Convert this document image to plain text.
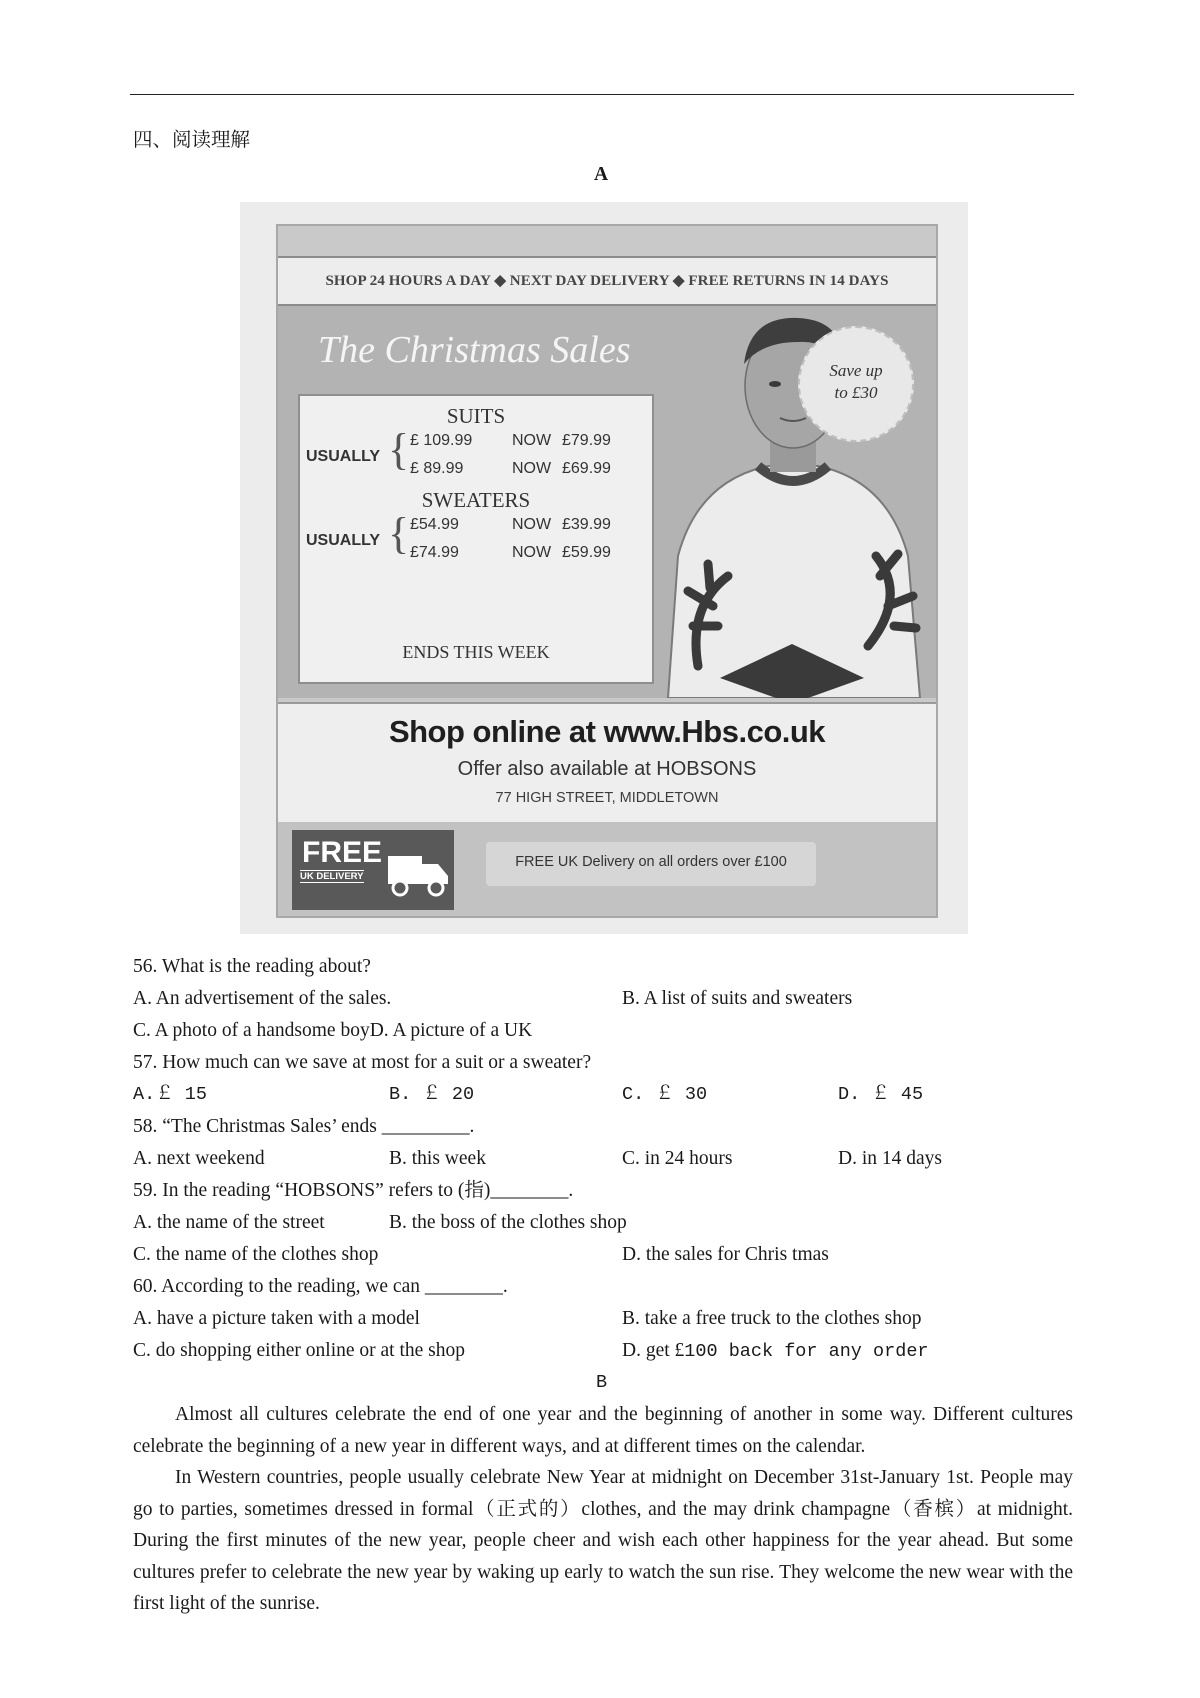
四、阅读理解
A
SHOP 24 HOURS A DAY ◆ NEXT DAY DELIVERY ◆ FREE RETURNS IN 14 DAYS
The Christmas Sales	Save up
to £30
SUITS
USUALLY { £ 109.99 NOW £79.99
£ 89.99	NOW £69.99
SWEATERS
USUALLY { £54.99	NOW £39.99
£74.99	NOW £59.99
ENDS THIS WEEK
Shop online at www.Hbs.co.uk
Offer also available at HOBSONS
77 HIGH STREET, MIDDLETOWN
FREE
UK DELIVERY
FREE UK Delivery on all orders over £100
56. What is the reading about?
A. An advertisement of the sales.	B. A list of suits and sweaters
C. A photo of a handsome boyD. A picture of a UK
57. How much can we save at most for a suit or a sweater?
A.￡ 15	B. ￡ 20	C. ￡ 30	D. ￡ 45
58. “The Christmas Sales’ ends _________.
A. next weekend	B. this week	C. in 24 hours	D. in 14 days
59. In the reading “HOBSONS” refers to (指)________.
A. the name of the street	B. the boss of the clothes shop
C. the name of the clothes shop	D. the sales for Chris tmas
60. According to the reading, we can ________.
A. have a picture taken with a model	B. take a free truck to the clothes shop
C. do shopping either online or at the shop	D. get £100 back for any order
B
Almost all cultures celebrate the end of one year and the beginning of another in some way. Different cultures celebrate the beginning of a new year in different ways, and at different times on the calendar.
In Western countries, people usually celebrate New Year at midnight on December 31st-January 1st. People may go to parties, sometimes dressed in formal（正式的）clothes, and the may drink champagne（香槟）at midnight. During the first minutes of the new year, people cheer and wish each other happiness for the year ahead. But some cultures prefer to celebrate the new year by waking up early to watch the sun rise. They welcome the new wear with the first light of the sunrise.
